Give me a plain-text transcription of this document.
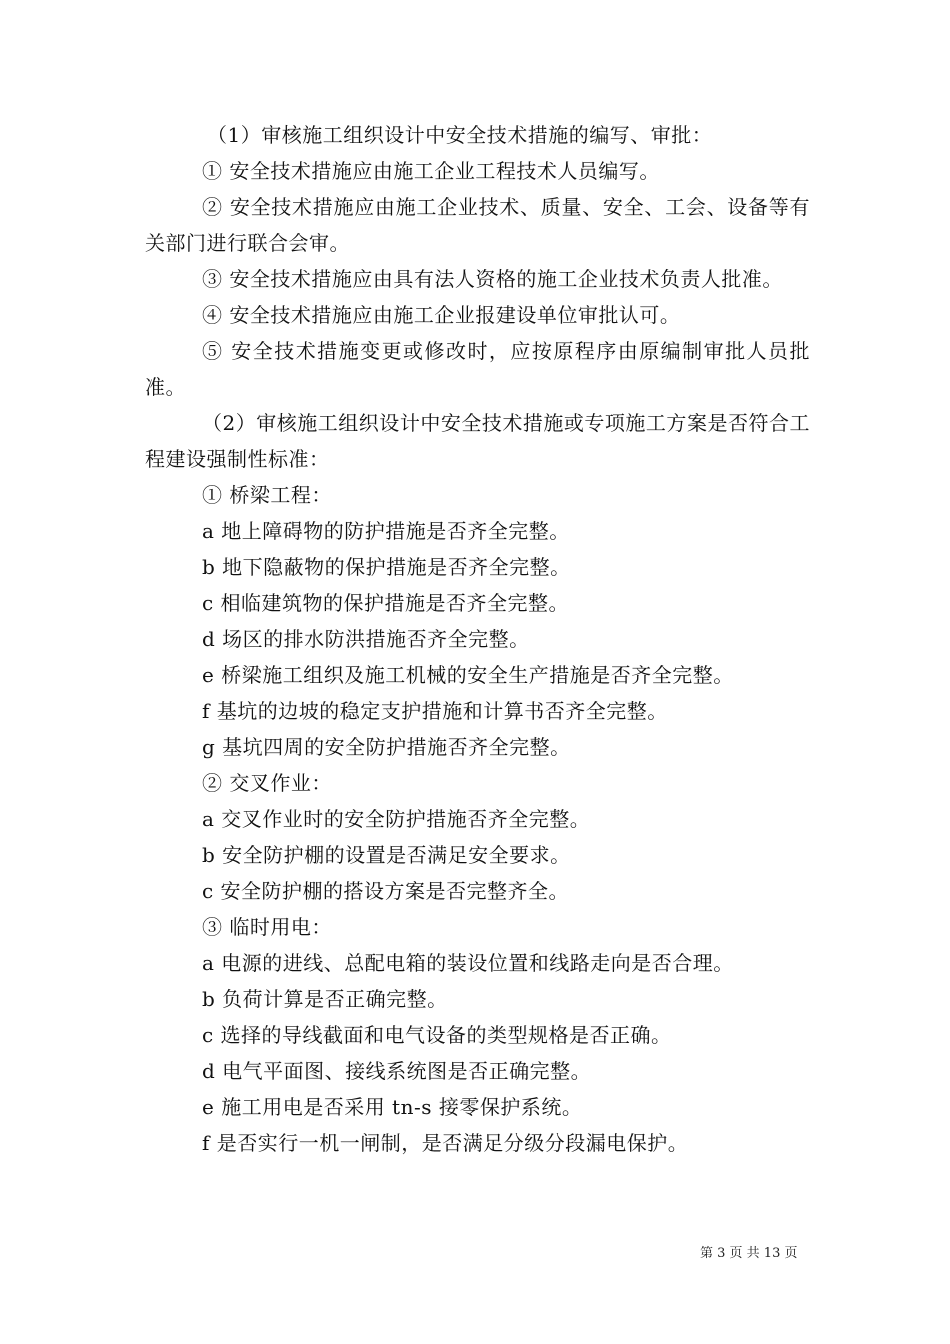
（1）审核施工组织设计中安全技术措施的编写、审批：
① 安全技术措施应由施工企业工程技术人员编写。

② 安全技术措施应由施工企业技术、质量、安全、工会、设备等有关部门进行联合会审。

③ 安全技术措施应由具有法人资格的施工企业技术负责人批准。

④ 安全技术措施应由施工企业报建设单位审批认可。

⑤ 安全技术措施变更或修改时，应按原程序由原编制审批人员批准。

（2）审核施工组织设计中安全技术措施或专项施工方案是否符合工程建设强制性标准：

① 桥梁工程：
a 地上障碍物的防护措施是否齐全完整。
b 地下隐蔽物的保护措施是否齐全完整。
c 相临建筑物的保护措施是否齐全完整。
d 场区的排水防洪措施否齐全完整。
e 桥梁施工组织及施工机械的安全生产措施是否齐全完整。
f 基坑的边坡的稳定支护措施和计算书否齐全完整。
g 基坑四周的安全防护措施否齐全完整。
② 交叉作业：
a 交叉作业时的安全防护措施否齐全完整。
b 安全防护棚的设置是否满足安全要求。
c 安全防护棚的搭设方案是否完整齐全。
③ 临时用电：
a 电源的进线、总配电箱的装设位置和线路走向是否合理。
b 负荷计算是否正确完整。
c 选择的导线截面和电气设备的类型规格是否正确。
d 电气平面图、接线系统图是否正确完整。
e 施工用电是否采用 tn-s 接零保护系统。
f 是否实行一机一闸制，是否满足分级分段漏电保护。
第 3 页 共 13 页
